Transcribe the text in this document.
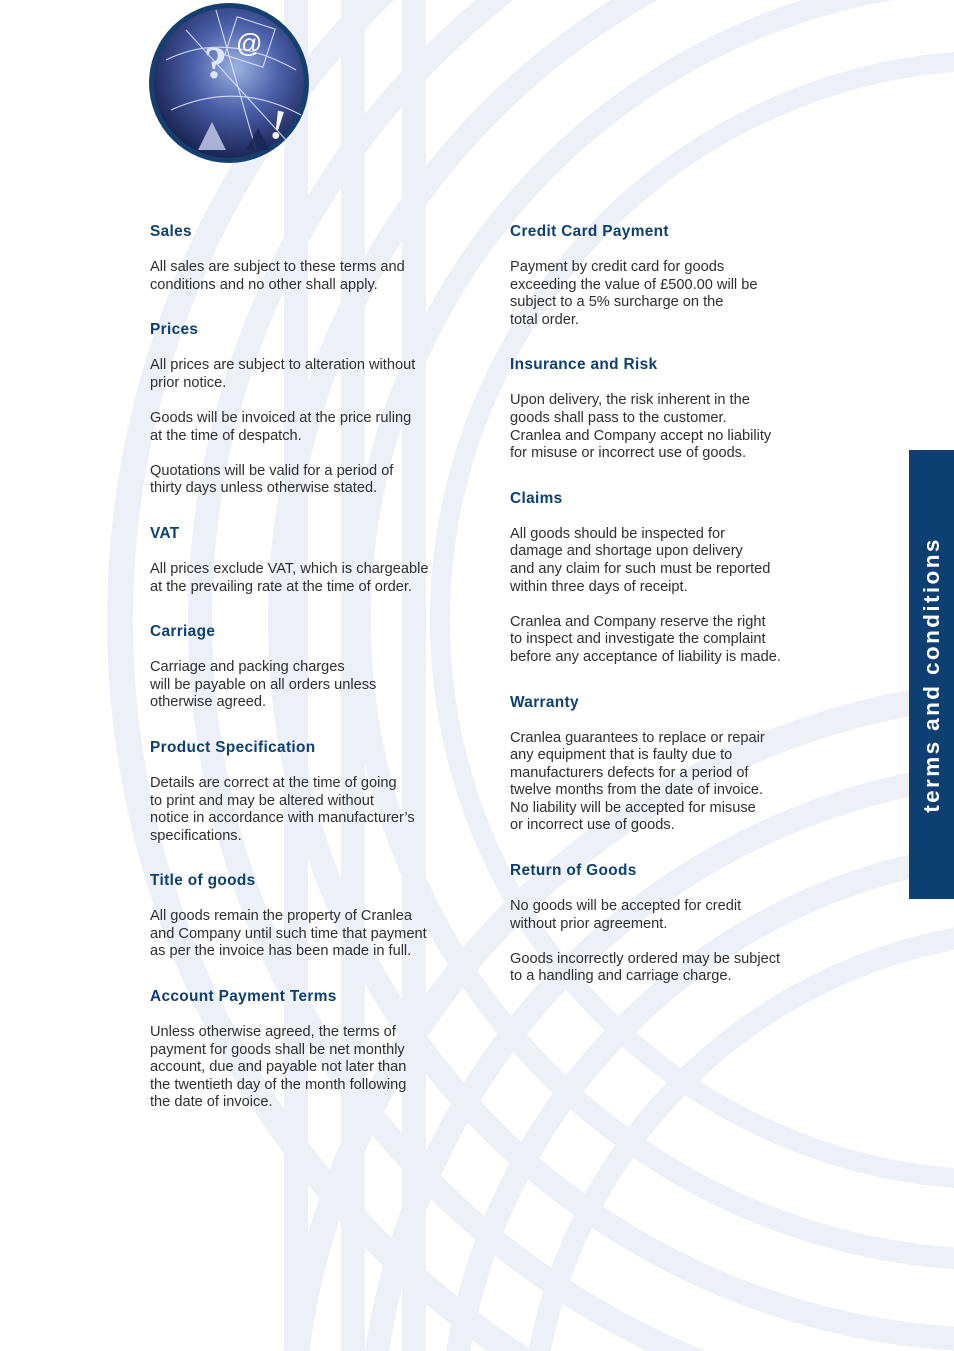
? @
!
Sales
All sales are subject to these terms and
conditions and no other shall apply.
Prices
All prices are subject to alteration without
prior notice.
Goods will be invoiced at the price ruling
at the time of despatch.
Quotations will be valid for a period of
thirty days unless otherwise stated.
VAT
All prices exclude VAT, which is chargeable
at the prevailing rate at the time of order.
Carriage
Carriage and packing charges
will be payable on all orders unless
otherwise agreed.
Product Specification
Details are correct at the time of going
to print and may be altered without
notice in accordance with manufacturer’s
specifications.
Title of goods
All goods remain the property of Cranlea
and Company until such time that payment
as per the invoice has been made in full.
Account Payment Terms
Unless otherwise agreed, the terms of
payment for goods shall be net monthly
account, due and payable not later than
the twentieth day of the month following
the date of invoice.
Credit Card Payment
Payment by credit card for goods
exceeding the value of £500.00 will be
subject to a 5% surcharge on the
total order.
Insurance and Risk
Upon delivery, the risk inherent in the
goods shall pass to the customer.
Cranlea and Company accept no liability
for misuse or incorrect use of goods.
Claims
All goods should be inspected for
damage and shortage upon delivery
and any claim for such must be reported
within three days of receipt.
Cranlea and Company reserve the right
to inspect and investigate the complaint
before any acceptance of liability is made.
Warranty
Cranlea guarantees to replace or repair
any equipment that is faulty due to
manufacturers defects for a period of
twelve months from the date of invoice.
No liability will be accepted for misuse
or incorrect use of goods.
Return of Goods
No goods will be accepted for credit
without prior agreement.
Goods incorrectly ordered may be subject
to a handling and carriage charge.
terms and conditions
